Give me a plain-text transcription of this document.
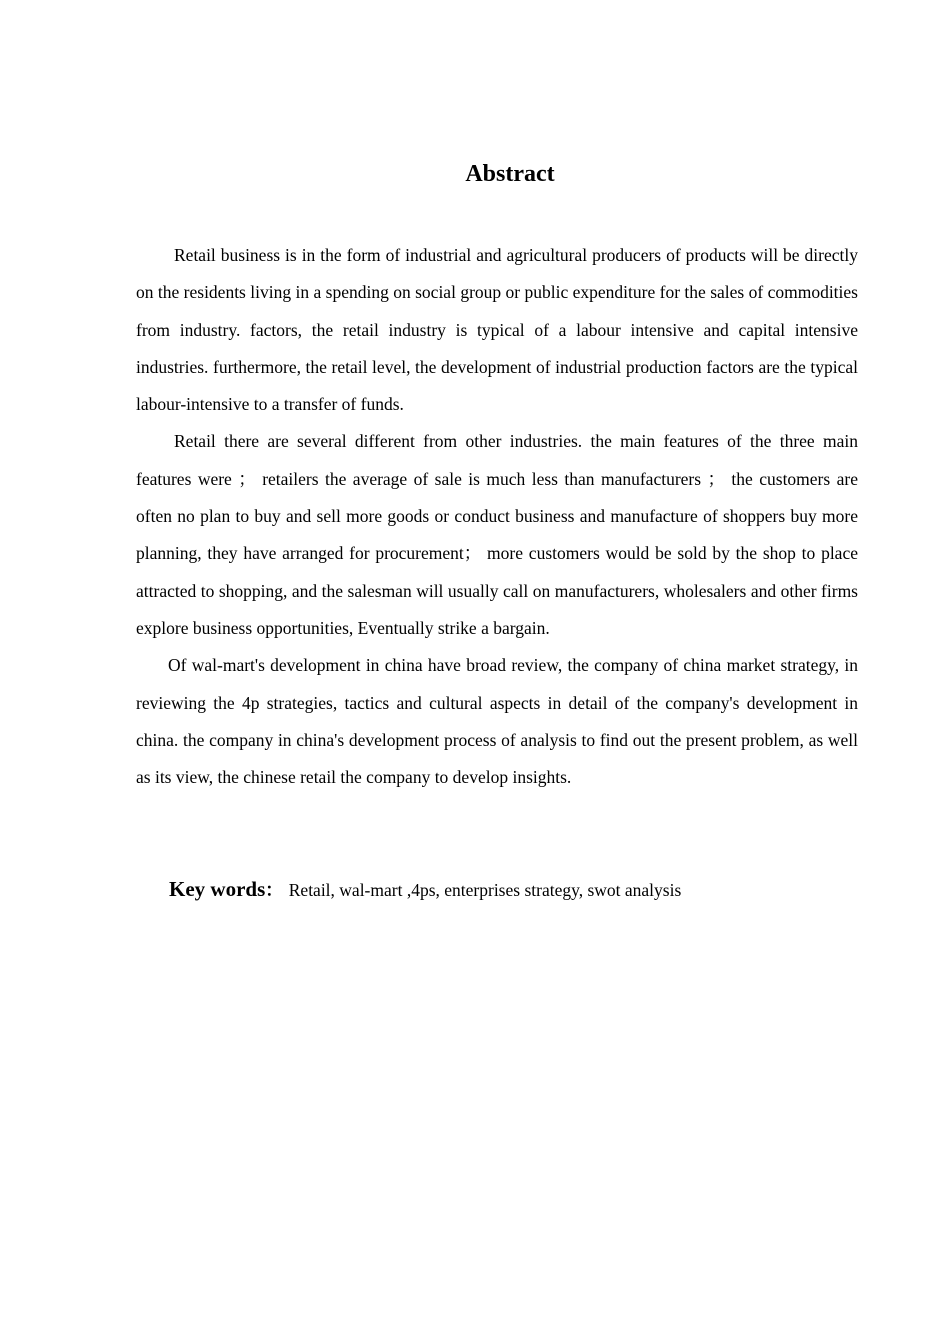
Abstract

Retail business is in the form of industrial and agricultural producers of products will be directly on the residents living in a spending on social group or public expenditure for the sales of commodities from industry. factors, the retail industry is typical of a labour intensive and capital intensive industries. furthermore, the retail level, the development of industrial production factors are the typical labour-intensive to a transfer of funds.

Retail there are several different from other industries. the main features of the three main features were ； retailers the average of sale is much less than manufacturers ； the customers are often no plan to buy and sell more goods or conduct business and manufacture of shoppers buy more planning, they have arranged for procurement； more customers would be sold by the shop to place attracted to shopping, and the salesman will usually call on manufacturers, wholesalers and other firms explore business opportunities, Eventually strike a bargain.

Of wal-mart's development in china have broad review, the company of china market strategy, in reviewing the 4p strategies, tactics and cultural aspects in detail of the company's development in china. the company in china's development process of analysis to find out the present problem, as well as its view, the chinese retail the company to develop insights.

Key words： Retail, wal-mart ,4ps, enterprises strategy, swot analysis
